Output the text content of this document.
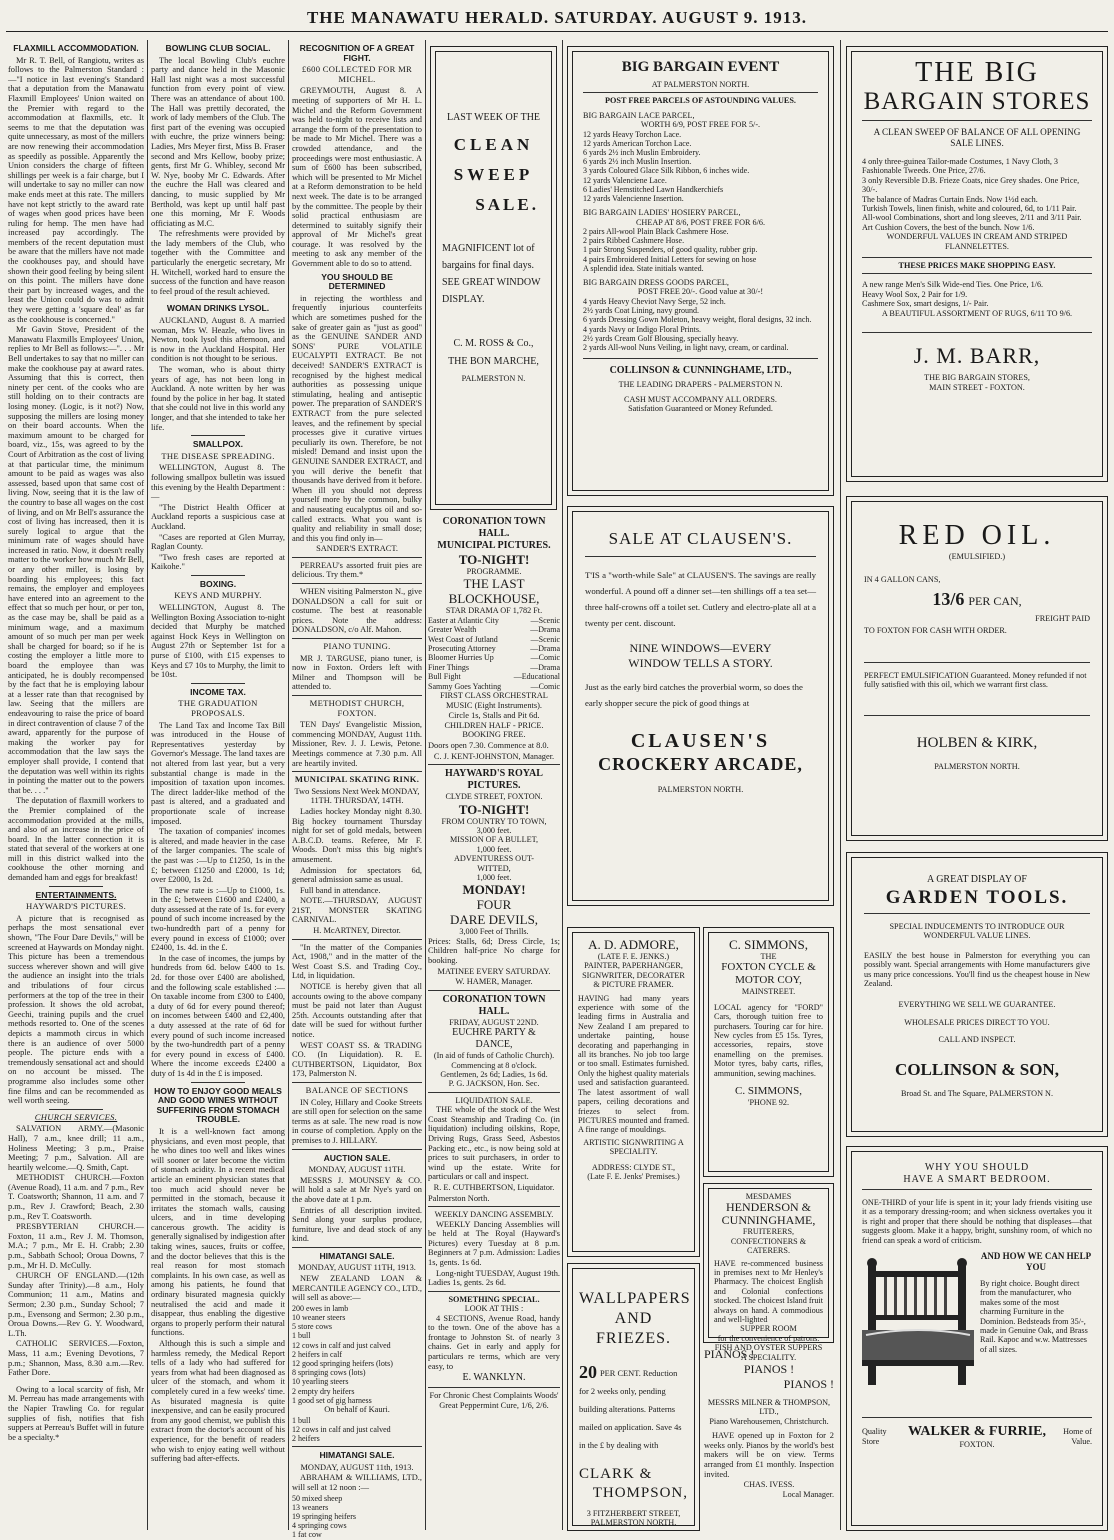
THE MANAWATU HERALD. SATURDAY. AUGUST 9. 1913.
FLAXMILL ACCOMMODATION.

Mr R. T. Bell, of Rangiotu, writes as follows to the Palmerston Standard :—"I notice in last evening's Standard that a deputation from the Manawatu Flaxmill Employees' Union waited on the Premier with regard to the accommodation at flaxmills, etc. It seems to me that the deputation was quite unnecessary, as most of the millers are now renewing their accommodation as speedily as possible. Apparently the Union considers the charge of fifteen shillings per week is a fair charge, but I will undertake to say no miller can now make ends meet at this rate. The millers have not kept strictly to the award rate of wages when good prices have been ruling for hemp. The men have had increased pay accordingly. The members of the recent deputation must be aware that the millers have not made the cookhouses pay, and should have shown their good feeling by being silent on this point. The millers have done their part by increased wages, and the least the Union could do was to admit they were getting a 'square deal' as far as the cookhouse is concerned."

Mr Gavin Stove, President of the Manawatu Flaxmills Employees' Union, replies to Mr Bell as follows:—". . . Mr Bell undertakes to say that no miller can make the cookhouse pay at award rates. Assuming that this is correct, then ninety per cent. of the cooks who are still holding on to their contracts are losing money. (Logic, is it not?) Now, supposing the millers are losing money on their board accounts. When the maximum amount to be charged for board, viz., 15s, was agreed to by the Court of Arbitration as the cost of living at that particular time, the minimum amount to be paid as wages was also assessed, based upon that same cost of living. Now, seeing that it is the law of the country to base all wages on the cost of living, and on Mr Bell's assurance the cost of living has increased, then it is surely logical to argue that the minimum rate of wages should have increased in ratio. Now, it doesn't really matter to the worker how much Mr Bell, or any other miller, is losing by boarding his employees; this fact remains, the employer and employees have entered into an agreement to the effect that so much per hour, or per ton, as the case may be, shall be paid as a minimum wage, and a maximum amount of so much per man per week shall be charged for board; so if he is costing the employer a little more to board the employee than was anticipated, he is doubly recompensed by the fact that he is employing labour at a lesser rate than that recognised by law. Seeing that the millers are endeavouring to raise the price of board in direct contravention of clause 7 of the award, apparently for the purpose of making the worker pay for accommodation that the law says the employer shall provide, I contend that the deputation was well within its rights in pointing the matter out to the powers that be. . . ."

The deputation of flaxmill workers to the Premier complained of the accommodation provided at the mills, and also of an increase in the price of board. In the latter connection it is stated that several of the workers at one mill in this district walked into the cookhouse the other morning and demanded ham and eggs for breakfast!

ENTERTAINMENTS.
HAYWARD'S PICTURES.

A picture that is recognised as perhaps the most sensational ever shown, "The Four Dare Devils," will be screened at Haywards on Monday night. This picture has been a tremendous success wherever shown and will give the audience an insight into the trials and tribulations of four circus performers at the top of the tree in their profession. It shows the old acrobat, Geechi, training pupils and the cruel methods resorted to. One of the scenes depicts a mammoth circus in which there is an audience of over 5000 people. The picture ends with a tremendously sensational act and should on no account be missed. The programme also includes some other fine films and can be recommended as well worth seeing.

CHURCH SERVICES.

SALVATION ARMY.—(Masonic Hall), 7 a.m., knee drill; 11 a.m., Holiness Meeting; 3 p.m., Praise Meeting; 7 p.m., Salvation. All are heartily welcome.—Q. Smith, Capt.

METHODIST CHURCH.—Foxton (Avenue Road), 11 a.m. and 7 p.m., Rev T. Coatsworth; Shannon, 11 a.m. and 7 p.m., Rev J. Crawford; Beach, 2.30 p.m., Rev T. Coatsworth.

PRESBYTERIAN CHURCH.—Foxton, 11 a.m., Rev J. M. Thomson, M.A.; 7 p.m., Mr E. H. Crabb; 2.30 p.m., Sabbath School; Oroua Downs, 7 p.m., Mr H. D. McCully.

CHURCH OF ENGLAND.—(12th Sunday after Trinity).—8 a.m., Holy Communion; 11 a.m., Matins and Sermon; 2.30 p.m., Sunday School; 7 p.m., Evensong and Sermon; 2.30 p.m., Oroua Downs.—Rev G. Y. Woodward, L.Th.

CATHOLIC SERVICES.—Foxton, Mass, 11 a.m.; Evening Devotions, 7 p.m.; Shannon, Mass, 8.30 a.m.—Rev. Father Dore.

Owing to a local scarcity of fish, Mr M. Perreau has made arrangements with the Napier Trawling Co. for regular supplies of fish, notifies that fish suppers at Perreau's Buffet will in future be a specialty.*

BOWLING CLUB SOCIAL.

The local Bowling Club's euchre party and dance held in the Masonic Hall last night was a most successful function from every point of view. There was an attendance of about 100. The Hall was prettily decorated, the work of lady members of the Club. The first part of the evening was occupied with euchre, the prize winners being: Ladies, Mrs Meyer first, Miss B. Fraser second and Mrs Kellow, booby prize; gents, first Mr G. Whibley, second Mr W. Nye, booby Mr C. Edwards. After the euchre the Hall was cleared and dancing, to music supplied by Mr Berthold, was kept up until half past one this morning, Mr F. Woods officiating as M.C.

The refreshments were provided by the lady members of the Club, who together with the Committee and particularly the energetic secretary, Mr H. Witchell, worked hard to ensure the success of the function and have reason to feel proud of the result achieved.

WOMAN DRINKS LYSOL.

AUCKLAND, August 8. A married woman, Mrs W. Heazle, who lives in Newton, took lysol this afternoon, and is now in the Auckland Hospital. Her condition is not thought to be serious.

The woman, who is about thirty years of age, has not been long in Auckland. A note written by her was found by the police in her bag. It stated that she could not live in this world any longer, and that she intended to take her life.

SMALLPOX.
THE DISEASE SPREADING.

WELLINGTON, August 8. The following smallpox bulletin was issued this evening by the Health Department :—

"The District Health Officer at Auckland reports a suspicious case at Auckland.

"Cases are reported at Glen Murray, Raglan County.

"Two fresh cases are reported at Kaikohe."

BOXING.
KEYS AND MURPHY.

WELLINGTON, August 8. The Wellington Boxing Association to-night decided that Murphy be matched against Hock Keys in Wellington on August 27th or September 1st for a purse of £100, with £15 expenses to Keys and £7 10s to Murphy, the limit to be 10st.

INCOME TAX.
THE GRADUATION PROPOSALS.

The Land Tax and Income Tax Bill was introduced in the House of Representatives yesterday by Governor's Message. The land taxes are not altered from last year, but a very substantial change is made in the imposition of taxation upon incomes. The direct ladder-like method of the past is altered, and a graduated and proportionate scale of increase imposed.

The taxation of companies' incomes is altered, and made heavier in the case of the larger companies. The scale of the past was :—Up to £1250, 1s in the £; between £1250 and £2000, 1s 1d; over £2000, 1s 2d.

The new rate is :—Up to £1000, 1s. in the £; between £1600 and £2400, a duty assessed at the rate of 1s. for every pound of such income increased by the two-hundredth part of a penny for every pound in excess of £1000; over £2400, 1s. 4d. in the £.

In the case of incomes, the jumps by hundreds from 6d. below £400 to 1s. 2d. for those over £400 are abolished, and the following scale established :—On taxable income from £300 to £400, a duty of 6d for every pound thereof; on incomes between £400 and £2,400, a duty assessed at the rate of 6d for every pound of such income increased by the two-hundredth part of a penny for every pound in excess of £400. Where the income exceeds £2400 a duty of 1s 4d in the £ is imposed.

HOW TO ENJOY GOOD MEALS AND GOOD WINES WITHOUT SUFFERING FROM STOMACH TROUBLE.

It is a well-known fact among physicians, and even most people, that he who dines too well and likes wines will sooner or later become the victim of stomach acidity. In a recent medical article an eminent physician states that too much acid should never be permitted in the stomach, because it irritates the stomach walls, causing ulcers, and in time developing cancerous growth. The acidity is generally signalised by indigestion after taking wines, sauces, fruits or coffee, and the doctor believes that this is the real reason for most stomach complaints. In his own case, as well as among his patients, he found that ordinary bisurated magnesia quickly neutralised the acid and made it disappear, thus enabling the digestive organs to properly perform their natural functions.

Although this is such a simple and harmless remedy, the Medical Report tells of a lady who had suffered for years from what had been diagnosed as ulcer of the stomach, and whom it completely cured in a few weeks' time. As bisurated magnesia is quite inexpensive, and can be easily procured from any good chemist, we publish this extract from the doctor's account of his experience, for the benefit of readers who wish to enjoy eating well without suffering bad after-effects.

RECOGNITION OF A GREAT FIGHT.
£600 COLLECTED FOR MR MICHEL.

GREYMOUTH, August 8. A meeting of supporters of Mr H. L. Michel and the Reform Government was held to-night to receive lists and arrange the form of the presentation to be made to Mr Michel. There was a crowded attendance, and the proceedings were most enthusiastic. A sum of £600 has been subscribed, which will be presented to Mr Michel at a Reform demonstration to be held next week. The date is to be arranged by the committee. The people by their solid practical enthusiasm are determined to suitably signify their approval of Mr Michel's great courage. It was resolved by the meeting to ask any member of the Government able to do so to attend.

YOU SHOULD BE DETERMINED

in rejecting the worthless and frequently injurious counterfeits which are sometimes pushed for the sake of greater gain as "just as good" as the GENUINE SANDER AND SONS' PURE VOLATILE EUCALYPTI EXTRACT. Be not deceived! SANDER'S EXTRACT is recognised by the highest medical authorities as possessing unique stimulating, healing and antiseptic power. The preparation of SANDER'S EXTRACT from the pure selected leaves, and the refinement by special processes give it curative virtues peculiarly its own. Therefore, be not misled! Demand and insist upon the GENUINE SANDER EXTRACT, and you will derive the benefit that thousands have derived from it before. When ill you should not depress yourself more by the common, bulky and nauseating eucalyptus oil and so-called extracts. What you want is quality and reliability in small dose; and this you find only in—

SANDER'S EXTRACT.

PERREAU's assorted fruit pies are delicious. Try them.*

WHEN visiting Palmerston N., give DONALDSON a call for suit or costume. The best at reasonable prices. Note the address: DONALDSON, c/o Alf. Mahon.

PIANO TUNING.

MR J. TARGUSE, piano tuner, is now in Foxton. Orders left with Milner and Thompson will be attended to.

METHODIST CHURCH, FOXTON.

TEN Days' Evangelistic Mission, commencing MONDAY, August 11th. Missioner, Rev. J. J. Lewis, Petone. Meetings commence at 7.30 p.m. All are heartily invited.

MUNICIPAL SKATING RINK.

Two Sessions Next Week MONDAY, 11TH. THURSDAY, 14TH.

Ladies hockey Monday night 8.30. Big hockey tournament Thursday night for set of gold medals, between A.B.C.D. teams. Referee, Mr F. Woods. Don't miss this big night's amusement.

Admission for spectators 6d, general admission same as usual.

Full band in attendance.

NOTE.—THURSDAY, AUGUST 21ST, MONSTER SKATING CARNIVAL.

H. McARTNEY, Director.

"In the matter of the Companies Act, 1908," and in the matter of the West Coast S.S. and Trading Coy., Ltd, in liquidation.

NOTICE is hereby given that all accounts owing to the above company must be paid not later than August 25th. Accounts outstanding after that date will be sued for without further notice.

WEST COAST SS. & TRADING CO. (In Liquidation). R. E. CUTHBERTSON, Liquidator, Box 173, Palmerston N.

BALANCE OF SECTIONS

IN Coley, Hillary and Cooke Streets are still open for selection on the same terms as at sale. The new road is now in course of completion. Apply on the premises to J. HILLARY.

AUCTION SALE.

MONDAY, AUGUST 11TH.

MESSRS J. MOUNSEY & CO. will hold a sale at Mr Nye's yard on the above date at 1 p.m.

Entries of all description invited. Send along your surplus produce, furniture, live and dead stock of any kind.

HIMATANGI SALE.

MONDAY, AUGUST 11TH, 1913.

NEW ZEALAND LOAN & MERCANTILE AGENCY CO., LTD., will sell as above:—

200 ewes in lamb
10 weaner steers
5 store cows
1 bull
12 cows in calf and just calved
2 heifers in calf
12 good springing heifers (lots)
8 springing cows (lots)
10 yearling steers
2 empty dry heifers
1 good set of gig harness

On behalf of Kauri.

1 bull
12 cows in calf and just calved
2 heifers
HIMATANGI SALE.

MONDAY, AUGUST 11th, 1913.

ABRAHAM & WILLIAMS, LTD., will sell at 12 noon :—

50 mixed sheep
13 weaners
19 springing heifers
4 springing cows
1 fat cow
LAST WEEK OF THE
CLEAN
SWEEP
SALE.
MAGNIFICENT lot of bargains for final days. SEE GREAT WINDOW DISPLAY.
C. M. ROSS & Co.,
THE BON MARCHE,
PALMERSTON N.
CORONATION TOWN HALL.
MUNICIPAL PICTURES.
TO-NIGHT!
PROGRAMME.
THE LAST
BLOCKHOUSE,
STAR DRAMA OF 1,782 Ft.
Easter at Atlantic City	—Scenic
Greater Wealth	—Drama
West Coast of Jutland	—Scenic
Prosecuting Attorney	—Drama
Bloomer Hurries Up	—Comic
Finer Things	—Drama
Bull Fight	—Educational
Sammy Goes Yachting	—Comic

FIRST CLASS ORCHESTRAL MUSIC (Eight Instruments).

Circle 1s, Stalls and Pit 6d. CHILDREN HALF - PRICE. BOOKING FREE.

Doors open 7.30. Commence at 8.0.

C. J. KENT-JOHNSTON, Manager.

HAYWARD'S ROYAL PICTURES.
CLYDE STREET, FOXTON.
TO-NIGHT!
FROM COUNTRY TO TOWN,
3,000 feet.
MISSION OF A BULLET,
1,000 feet.
ADVENTURESS OUT-
WITTED,
1,000 feet.
MONDAY!
FOUR
DARE DEVILS,
3,000 Feet of Thrills.

Prices: Stalls, 6d; Dress Circle, 1s; Children half-price No charge for booking.

MATINEE EVERY SATURDAY.

W. HAMER, Manager.

CORONATION TOWN HALL.
FRIDAY, AUGUST 22ND.
EUCHRE PARTY &
DANCE,
(In aid of funds of Catholic Church).
Commencing at 8 o'clock.
Gentlemen, 2s 6d; Ladies, 1s 6d.
P. G. JACKSON, Hon. Sec.
LIQUIDATION SALE.

THE whole of the stock of the West Coast Steamship and Trading Co. (in liquidation) including oilskins, Rope, Driving Rugs, Grass Seed, Asbestos Packing etc., etc., is now being sold at prices to suit purchasers, in order to wind up the estate. Write for particulars or call and inspect.

R. E. CUTHBERTSON, Liquidator.

Palmerston North.

WEEKLY DANCING ASSEMBLY.

WEEKLY Dancing Assemblies will be held at The Royal (Hayward's Pictures) every Tuesday at 8 p.m. Beginners at 7 p.m. Admission: Ladies 1s, gents. 1s 6d.

Long-night TUESDAY, August 19th. Ladies 1s, gents. 2s 6d.

SOMETHING SPECIAL.
LOOK AT THIS :

4 SECTIONS, Avenue Road, handy to the town. One of the above has a frontage to Johnston St. of nearly 3 chains. Get in early and apply for particulars re terms, which are very easy, to

E. WANKLYN.

For Chronic Chest Complaints Woods' Great Peppermint Cure, 1/6, 2/6.

BIG BARGAIN EVENT
AT PALMERSTON NORTH.
POST FREE PARCELS OF ASTOUNDING VALUES.
BIG BARGAIN LACE PARCEL,
WORTH 6/9, POST FREE FOR 5/-.
12 yards Heavy Torchon Lace.
12 yards American Torchon Lace.
6 yards 2½ inch Muslin Embroidery.
6 yards 2½ inch Muslin Insertion.
3 yards Coloured Glace Silk Ribbon, 6 inches wide.
12 yards Valenciene Lace.
6 Ladies' Hemstitched Lawn Handkerchiefs
12 yards Valencienne Insertion.
BIG BARGAIN LADIES' HOSIERY PARCEL,
CHEAP AT 8/6, POST FREE FOR 6/6.
2 pairs All-wool Plain Black Cashmere Hose.
2 pairs Ribbed Cashmere Hose.
1 pair Strong Suspenders, of good quality, rubber grip.
4 pairs Embroidered Initial Letters for sewing on hose
A splendid idea. State initials wanted.
BIG BARGAIN DRESS GOODS PARCEL,
POST FREE 20/-. Good value at 30/-!
4 yards Heavy Cheviot Navy Serge, 52 inch.
2½ yards Coat Lining, navy ground.
6 yards Dressing Gown Moleton, heavy weight, floral designs, 32 inch.
4 yards Navy or Indigo Floral Prints.
2½ yards Cream Golf Blousing, specially heavy.
2 yards All-wool Nuns Veiling, in light navy, cream, or cardinal.
COLLINSON & CUNNINGHAME, LTD.,
THE LEADING DRAPERS - PALMERSTON N.
CASH MUST ACCOMPANY ALL ORDERS.
Satisfation Guaranteed or Money Refunded.
SALE AT CLAUSEN'S.
T'IS a "worth-while Sale" at CLAUSEN'S. The savings are really wonderful. A pound off a dinner set—ten shillings off a tea set—three half-crowns off a toilet set. Cutlery and electro-plate all at a twenty per cent. discount.
NINE WINDOWS—EVERY
WINDOW TELLS A STORY.
Just as the early bird catches the proverbial worm, so does the early shopper secure the pick of good things at
CLAUSEN'S
CROCKERY ARCADE,
PALMERSTON NORTH.
A. D. ADMORE,
(LATE F. E. JENKS.)
PAINTER, PAPERHANGER, SIGNWRITER, DECORATER & PICTURE FRAMER.
HAVING had many years experience with some of the leading firms in Australia and New Zealand I am prepared to undertake painting, house decorating and paperhanging in all its branches. No job too large or too small. Estimates furnished. Only the highest quality materials used and satisfaction guaranteed. The latest assortment of wall papers, ceiling decorations and friezes to select from. PICTURES mounted and framed. A fine range of mouldings.
ARTISTIC SIGNWRITING A SPECIALITY.
ADDRESS: CLYDE ST.,
(Late F. E. Jenks' Premises.)
C. SIMMONS,
THE
FOXTON CYCLE &
MOTOR COY,
MAINSTREET.
LOCAL agency for "FORD" Cars, thorough tuition free to purchasers. Touring car for hire. New cycles from £5 15s. Tyres, accessories, repairs, stove enamelling on the premises. Motor tyres, baby carts, rifles, ammunition, sewing machines.
C. SIMMONS,
'PHONE 92.
WALLPAPERS
AND FRIEZES.
20 PER CENT. Reduction for 2 weeks only, pending building alterations. Patterns mailed on application. Save 4s in the £ by dealing with
CLARK &
THOMPSON,
3 FITZHERBERT STREET,
PALMERSTON NORTH.
MESDAMES
HENDERSON &
CUNNINGHAME,
FRUITERERS, CONFECTIONERS & CATERERS.
HAVE re-commenced business in premises next to Mr Henley's Pharmacy. The choicest English and Colonial confections stocked. The choicest Island fruit always on hand. A commodious and well-lighted
SUPPER ROOM
for the convenience of patrons.
FISH AND OYSTER SUPPERS A SPECIALITY.
PIANOS !
PIANOS !
PIANOS !
MESSRS MILNER & THOMPSON, LTD.,
Piano Warehousemen, Christchurch.

HAVE opened up in Foxton for 2 weeks only. Pianos by the world's best makers will be on view. Terms arranged from £1 monthly. Inspection invited.

CHAS. IVESS.
Local Manager.
THE BIG
BARGAIN STORES
A CLEAN SWEEP OF BALANCE OF ALL OPENING SALE LINES.
4 only three-guinea Tailor-made Costumes, 1 Navy Cloth, 3 Fashionable Tweeds. One Price, 27/6.
3 only Reversible D.B. Frieze Coats, nice Grey shades. One Price, 30/-.
The balance of Madras Curtain Ends. Now 1½d each.
Turkish Towels, linen finish, white and coloured, 6d, to 1/11 Pair.
All-wool Combinations, short and long sleeves, 2/11 and 3/11 Pair.
Art Cushion Covers, the best of the bunch. Now 1/6.
WONDERFUL VALUES IN CREAM AND STRIPED FLANNELETTES.
THESE PRICES MAKE SHOPPING EASY.
A new range Men's Silk Wide-end Ties. One Price, 1/6.
Heavy Wool Sox, 2 Pair for 1/9.
Cashmere Sox, smart designs, 1/- Pair.
A BEAUTIFUL ASSORTMENT OF RUGS, 6/11 TO 9/6.
J. M. BARR,
THE BIG BARGAIN STORES,
MAIN STREET - FOXTON.
RED OIL.
(EMULSIFIED.)
IN 4 GALLON CANS,
13/6 PER CAN,
FREIGHT PAID
TO FOXTON FOR CASH WITH ORDER.
PERFECT EMULSIFICATION Guaranteed. Money refunded if not fully satisfied with this oil, which we warrant first class.
HOLBEN & KIRK,
PALMERSTON NORTH.
A GREAT DISPLAY OF
GARDEN TOOLS.
SPECIAL INDUCEMENTS TO INTRODUCE OUR WONDERFUL VALUE LINES.
EASILY the best house in Palmerston for everything you can possibly want. Special arrangements with Home manufacturers give us many price concessions. You'll find us the cheapest house in New Zealand.
EVERYTHING WE SELL WE GUARANTEE.
WHOLESALE PRICES DIRECT TO YOU.
CALL AND INSPECT.
COLLINSON & SON,
Broad St. and The Square, PALMERSTON N.
WHY YOU SHOULD
HAVE A SMART BEDROOM.
ONE-THIRD of your life is spent in it; your lady friends visiting use it as a temporary dressing-room; and when sickness overtakes you it is right and proper that there should be nothing that displeases—that suggests gloom. Make it a happy, bright, sunshiny room, of which no friend can speak a word of criticism.
AND HOW WE CAN HELP YOU
By right choice. Bought direct from the manufacturer, who makes some of the most charming Furniture in the Dominion. Bedsteads from 35/-, made in Genuine Oak, and Brass Rail. Kapoc and w.w. Mattresses of all sizes.
Quality Store
WALKER & FURRIE,
FOXTON.
Home of Value.
